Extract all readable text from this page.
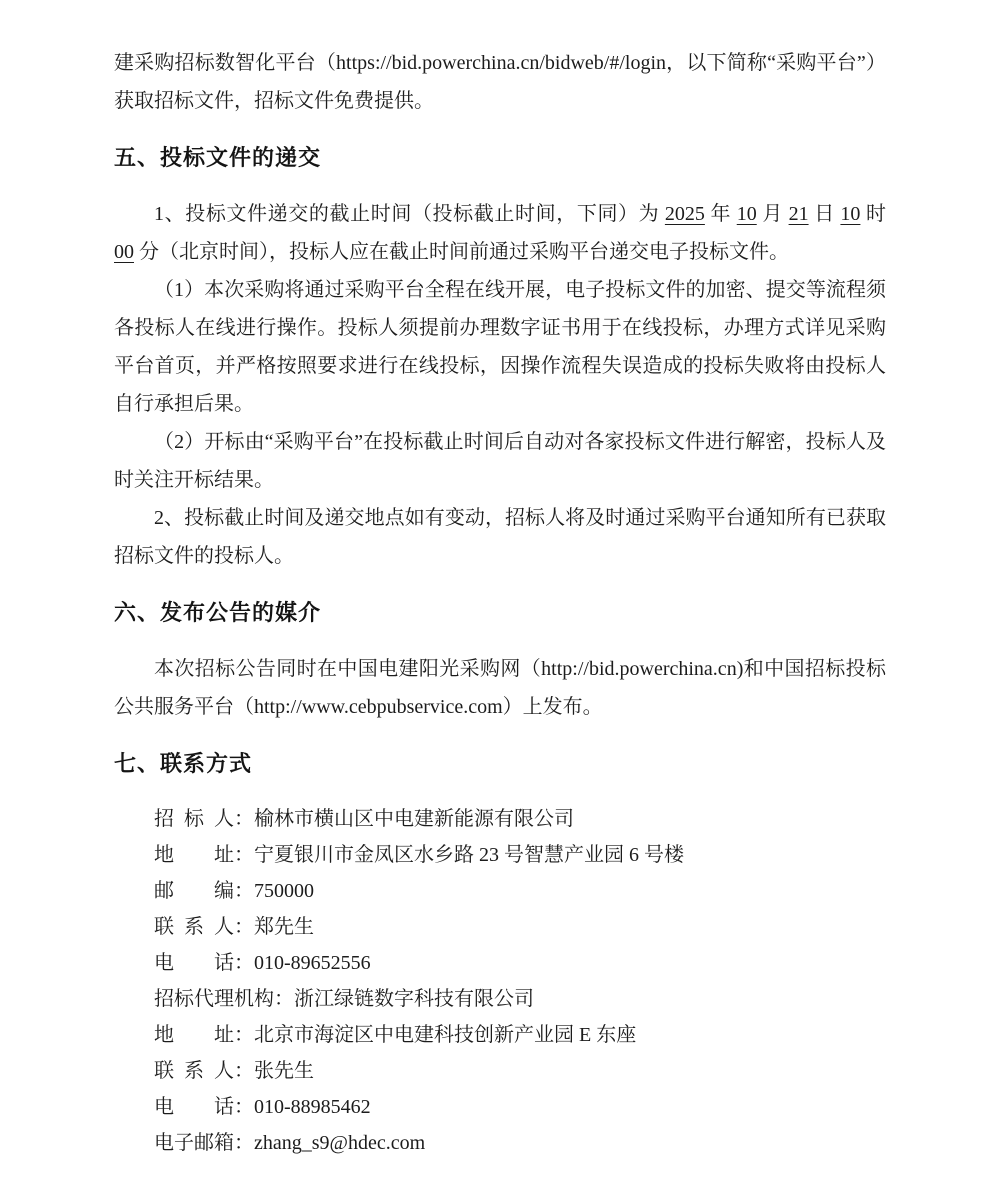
建采购招标数智化平台（https://bid.powerchina.cn/bidweb/#/login，以下简称“采购平台”）获取招标文件，招标文件免费提供。

五、投标文件的递交

1、投标文件递交的截止时间（投标截止时间，下同）为 2025 年 10 月 21 日 10 时 00 分（北京时间），投标人应在截止时间前通过采购平台递交电子投标文件。

（1）本次采购将通过采购平台全程在线开展，电子投标文件的加密、提交等流程须各投标人在线进行操作。投标人须提前办理数字证书用于在线投标，办理方式详见采购平台首页，并严格按照要求进行在线投标，因操作流程失误造成的投标失败将由投标人自行承担后果。

（2）开标由“采购平台”在投标截止时间后自动对各家投标文件进行解密，投标人及时关注开标结果。

2、投标截止时间及递交地点如有变动，招标人将及时通过采购平台通知所有已获取招标文件的投标人。

六、发布公告的媒介

本次招标公告同时在中国电建阳光采购网（http://bid.powerchina.cn)和中国招标投标公共服务平台（http://www.cebpubservice.com）上发布。

七、联系方式

招 标 人：榆林市横山区中电建新能源有限公司

地  址：宁夏银川市金凤区水乡路 23 号智慧产业园 6 号楼

邮  编：750000

联 系 人：郑先生

电  话：010-89652556

招标代理机构：浙江绿链数字科技有限公司

地  址：北京市海淀区中电建科技创新产业园 E 东座

联 系 人：张先生

电  话：010-88985462

电子邮箱：zhang_s9@hdec.com
